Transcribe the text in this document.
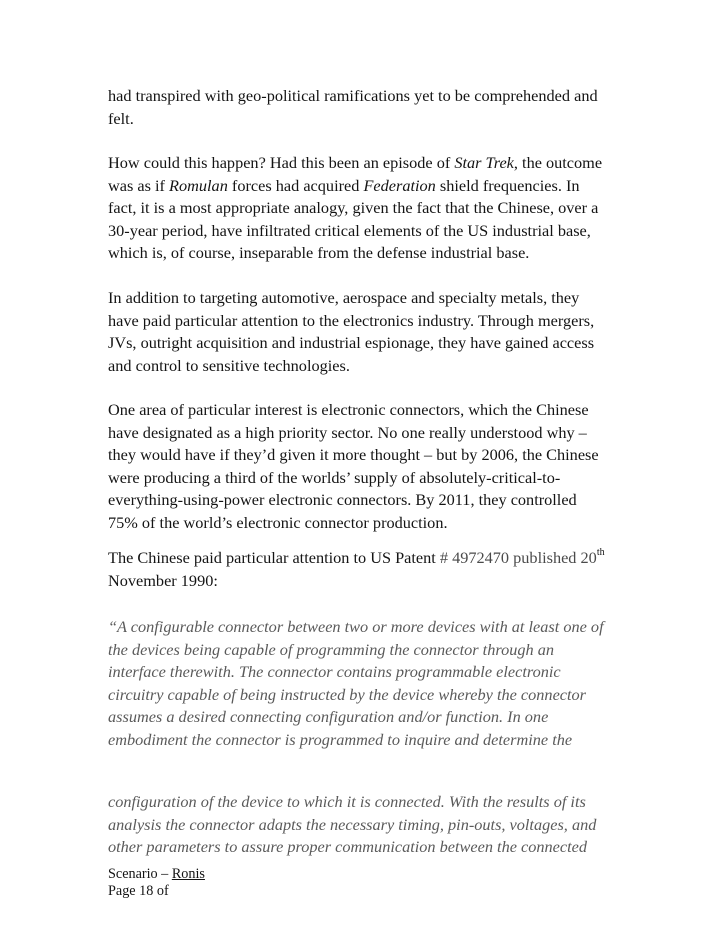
had transpired with geo-political ramifications yet to be comprehended and
felt.

How could this happen? Had this been an episode of Star Trek, the outcome
was as if Romulan forces had acquired Federation shield frequencies. In
fact, it is a most appropriate analogy, given the fact that the Chinese, over a
30-year period, have infiltrated critical elements of the US industrial base,
which is, of course, inseparable from the defense industrial base.

In addition to targeting automotive, aerospace and specialty metals, they
have paid particular attention to the electronics industry. Through mergers,
JVs, outright acquisition and industrial espionage, they have gained access
and control to sensitive technologies.

One area of particular interest is electronic connectors, which the Chinese
have designated as a high priority sector. No one really understood why –
they would have if they’d given it more thought – but by 2006, the Chinese
were producing a third of the worlds’ supply of absolutely-critical-to-
everything-using-power electronic connectors. By 2011, they controlled
75% of the world’s electronic connector production.

The Chinese paid particular attention to US Patent # 4972470 published 20th
November 1990:

“A configurable connector between two or more devices with at least one of
the devices being capable of programming the connector through an
interface therewith. The connector contains programmable electronic
circuitry capable of being instructed by the device whereby the connector
assumes a desired connecting configuration and/or function. In one
embodiment the connector is programmed to inquire and determine the

configuration of the device to which it is connected. With the results of its
analysis the connector adapts the necessary timing, pin-outs, voltages, and
other parameters to assure proper communication between the connected

Scenario – Ronis
Page 18 of
